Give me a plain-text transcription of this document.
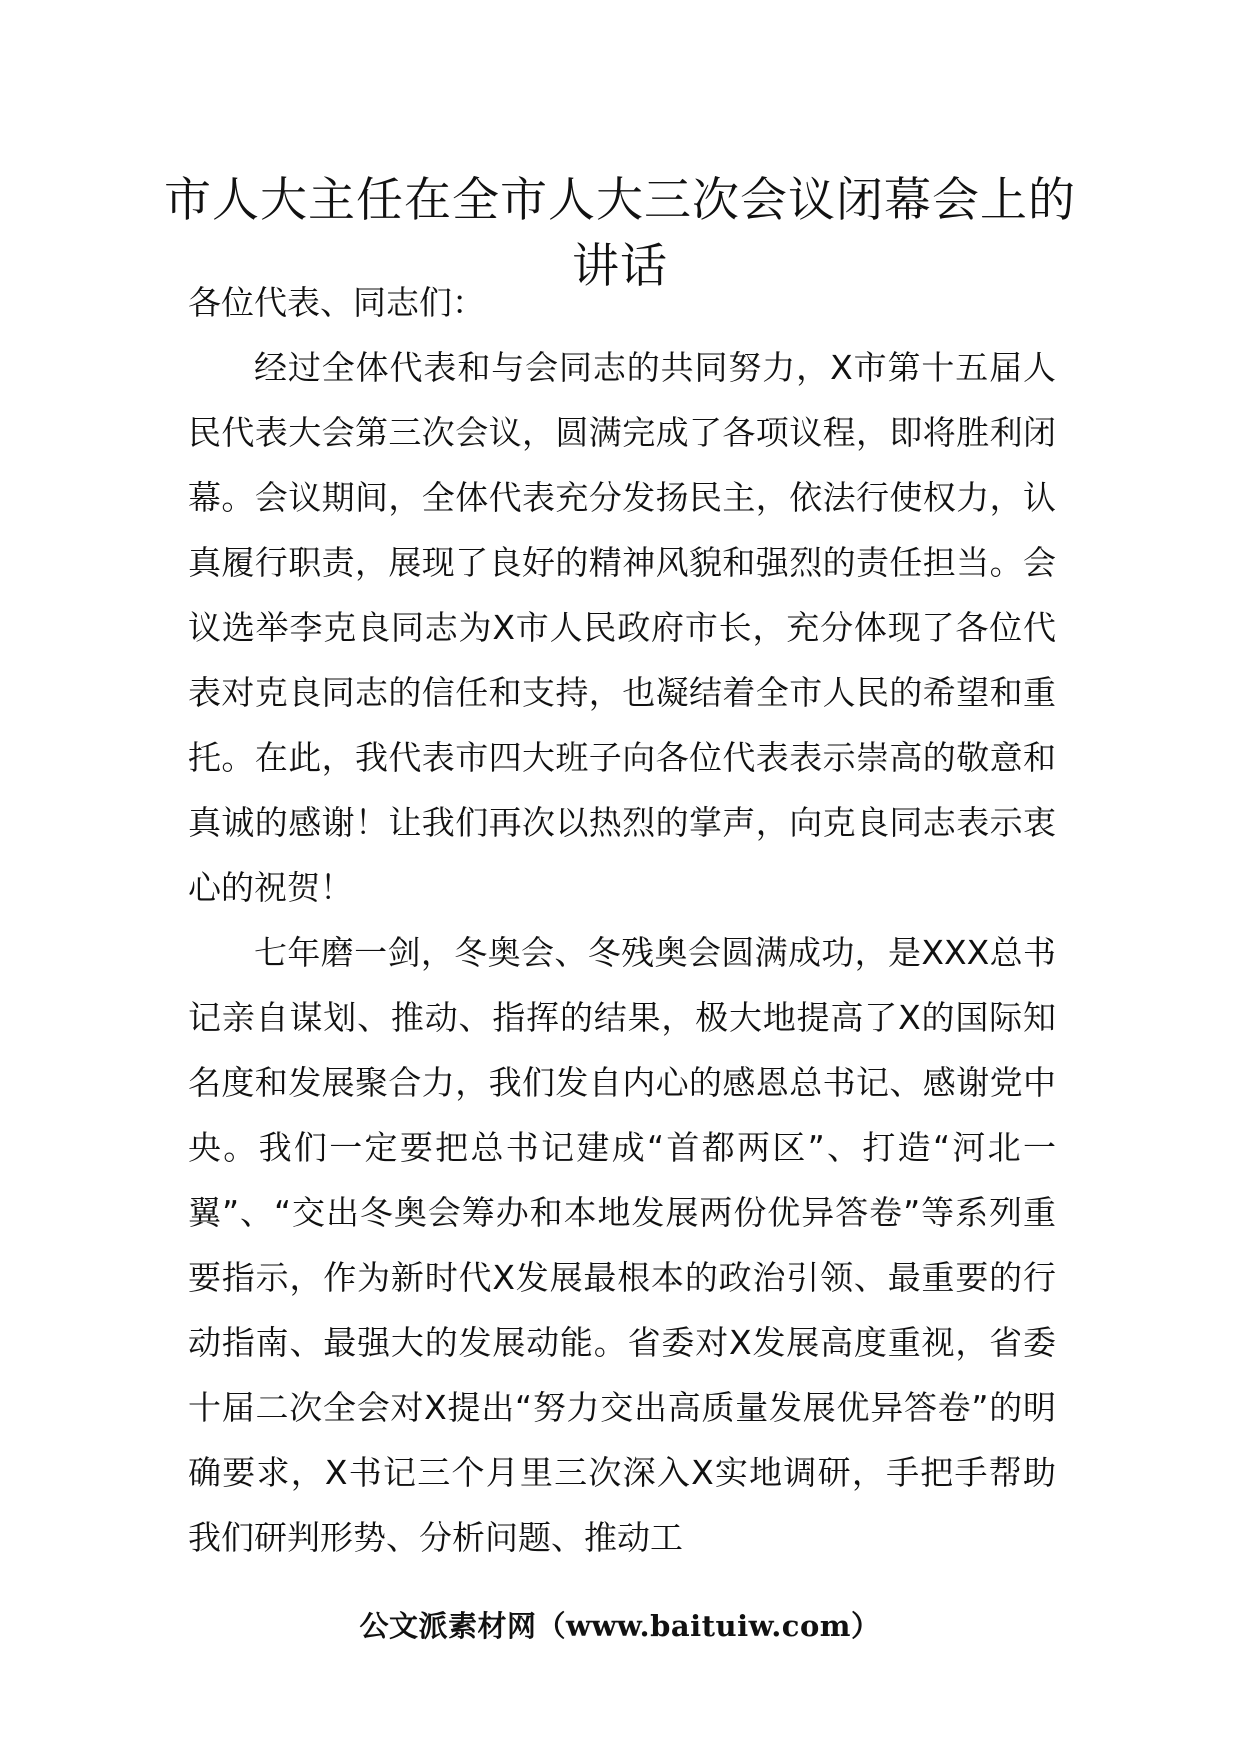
市人大主任在全市人大三次会议闭幕会上的讲话

各位代表、同志们：

经过全体代表和与会同志的共同努力，X市第十五届人民代表大会第三次会议，圆满完成了各项议程，即将胜利闭幕。会议期间，全体代表充分发扬民主，依法行使权力，认真履行职责，展现了良好的精神风貌和强烈的责任担当。会议选举李克良同志为X市人民政府市长，充分体现了各位代表对克良同志的信任和支持，也凝结着全市人民的希望和重托。在此，我代表市四大班子向各位代表表示崇高的敬意和真诚的感谢！让我们再次以热烈的掌声，向克良同志表示衷心的祝贺！

七年磨一剑，冬奥会、冬残奥会圆满成功，是XXX总书记亲自谋划、推动、指挥的结果，极大地提高了X的国际知名度和发展聚合力，我们发自内心的感恩总书记、感谢党中央。我们一定要把总书记建成“首都两区”、打造“河北一翼”、“交出冬奥会筹办和本地发展两份优异答卷”等系列重要指示，作为新时代X发展最根本的政治引领、最重要的行动指南、最强大的发展动能。省委对X发展高度重视，省委十届二次全会对X提出“努力交出高质量发展优异答卷”的明确要求，X书记三个月里三次深入X实地调研，手把手帮助我们研判形势、分析问题、推动工

公文派素材网（www.baituiw.com）
